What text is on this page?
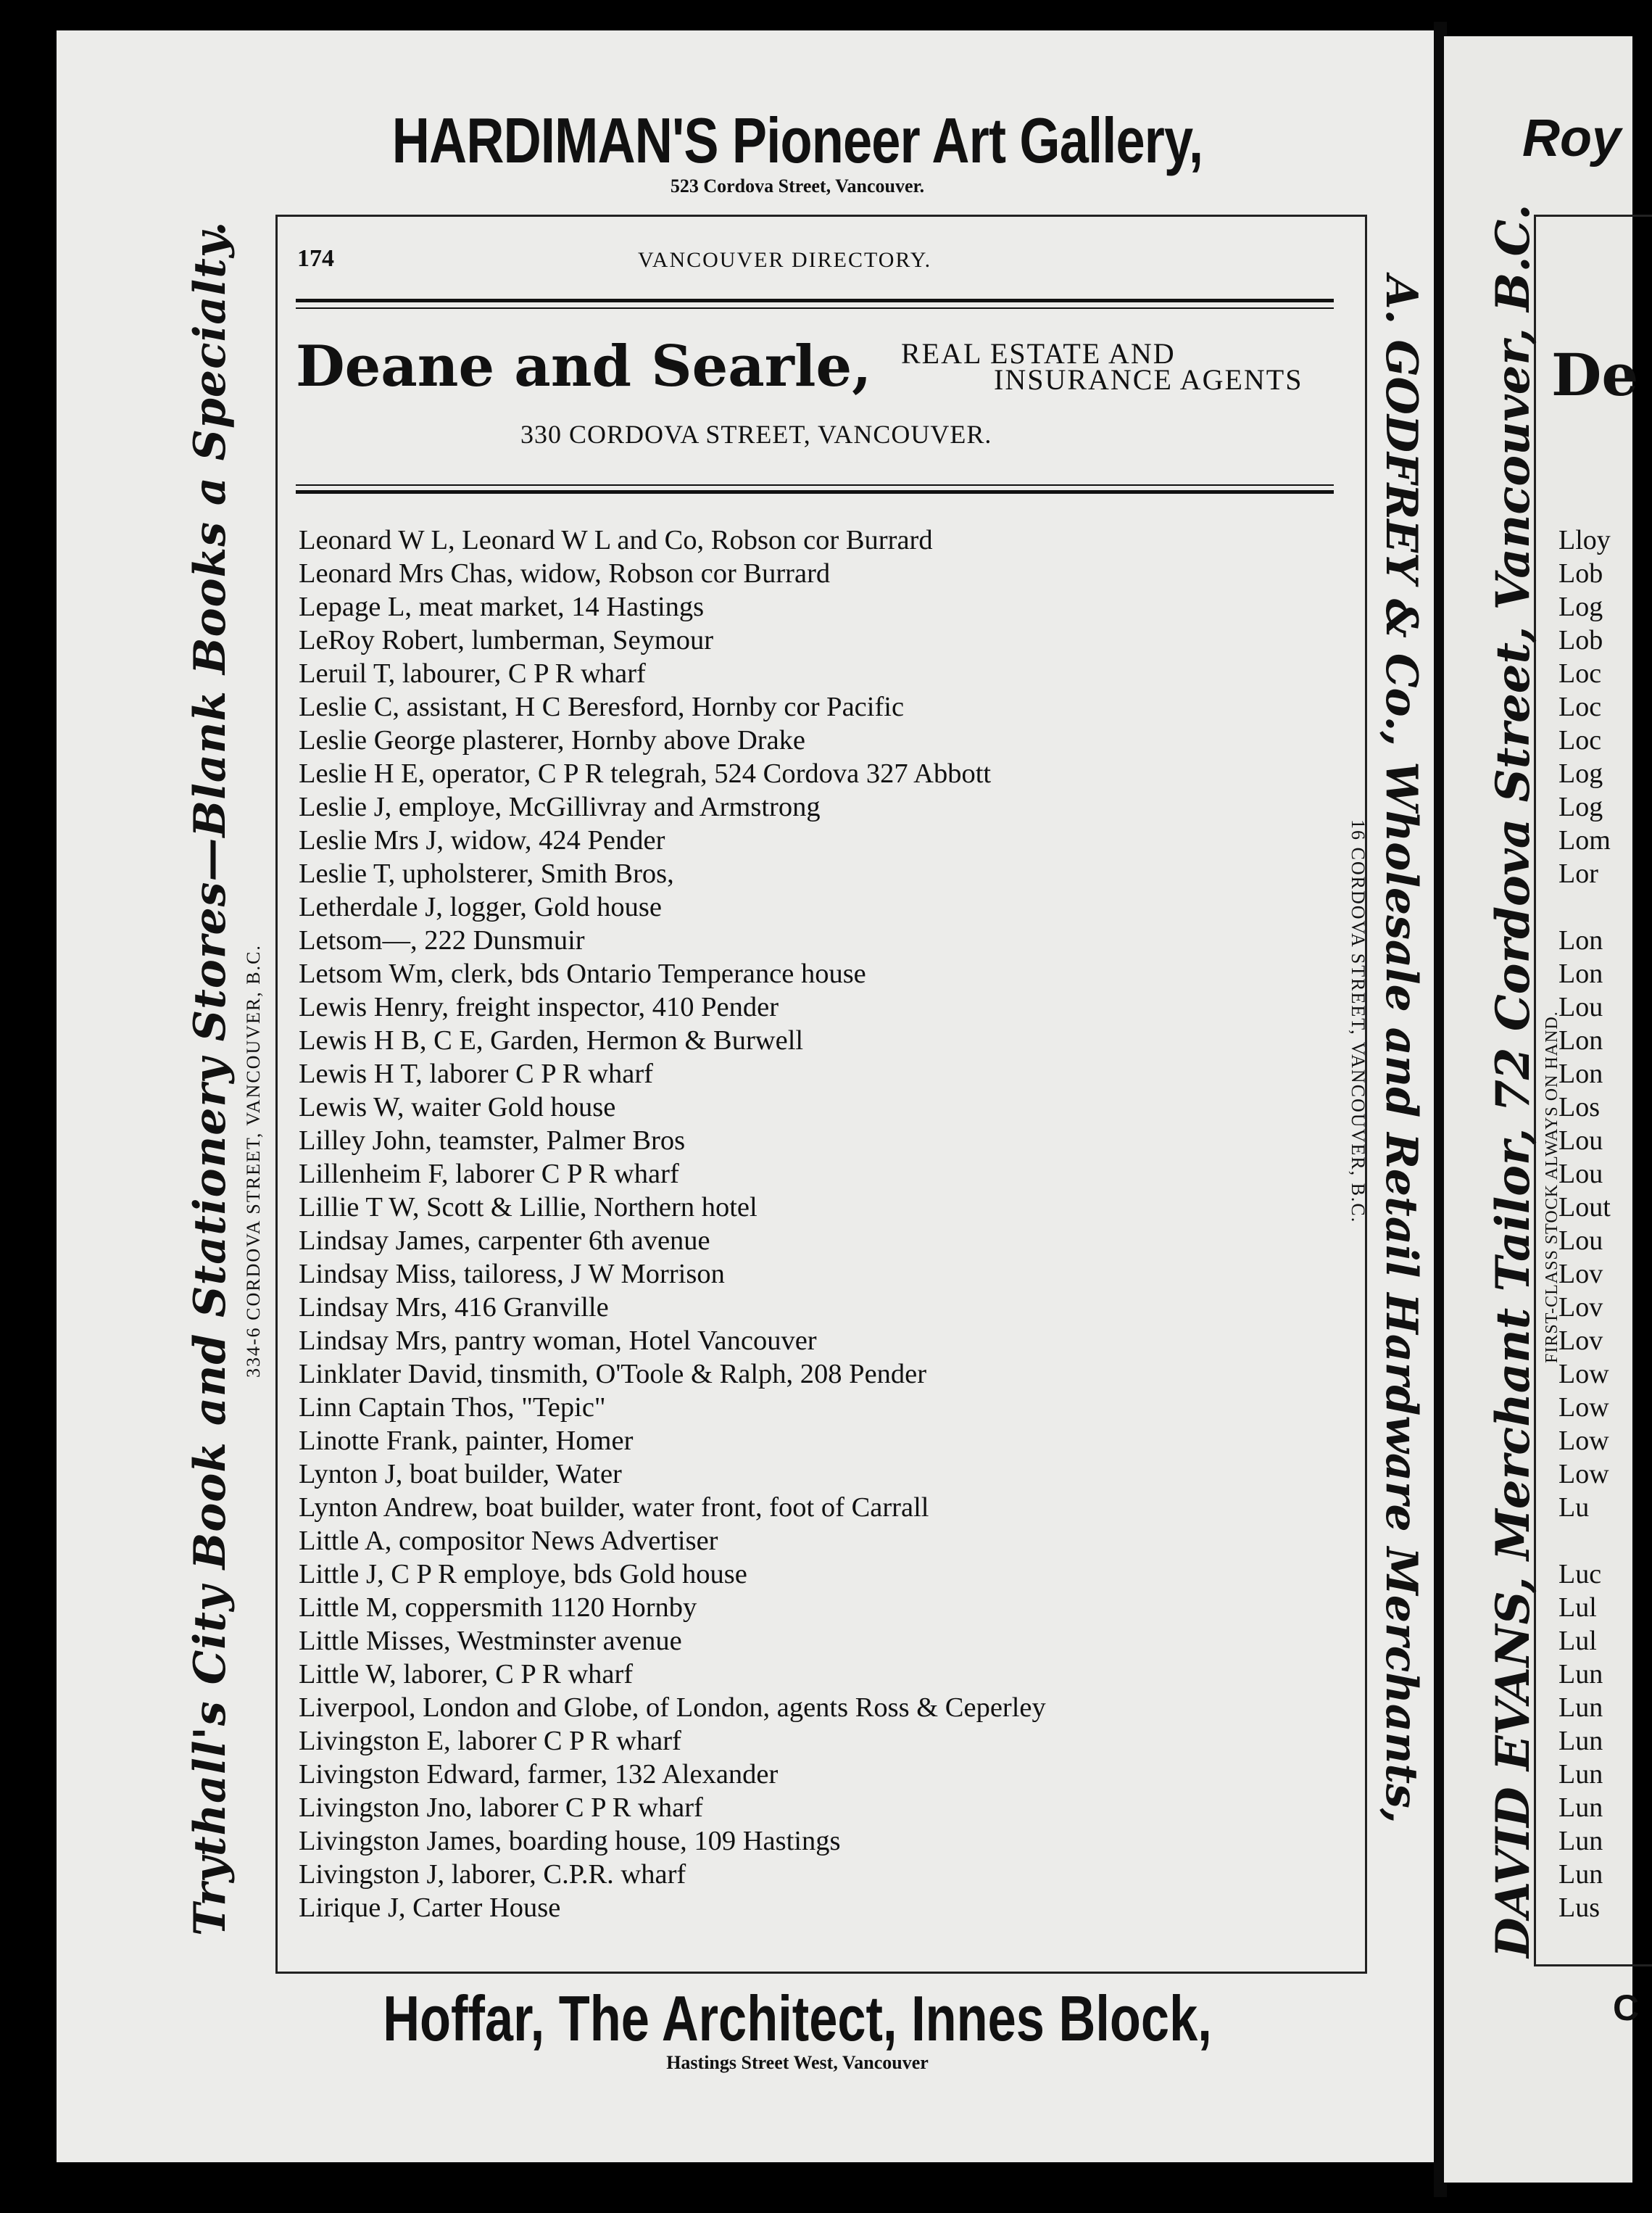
HARDIMAN'S Pioneer Art Gallery,
523 Cordova Street, Vancouver.
Trythall's City Book and Stationery Stores—Blank Books a Specialty. 334-6 CORDOVA STREET, VANCOUVER, B.C.	A. GODFREY & Co., Wholesale and Retail Hardware Merchants,
16 CORDOVA STREET, VANCOUVER, B.C.
174	VANCOUVER DIRECTORY.
Deane and Searle, REAL ESTATE AND
INSURANCE AGENTS
330 CORDOVA STREET, VANCOUVER.
Leonard W L, Leonard W L and Co, Robson cor Burrard
Leonard Mrs Chas, widow, Robson cor Burrard
Lepage L, meat market, 14 Hastings
LeRoy Robert, lumberman, Seymour
Leruil T, labourer, C P R wharf
Leslie C, assistant, H C Beresford, Hornby cor Pacific
Leslie George plasterer, Hornby above Drake
Leslie H E, operator, C P R telegrah, 524 Cordova 327 Abbott
Leslie J, employe, McGillivray and Armstrong
Leslie Mrs J, widow, 424 Pender
Leslie T, upholsterer, Smith Bros,
Letherdale J, logger, Gold house
Letsom—, 222 Dunsmuir
Letsom Wm, clerk, bds Ontario Temperance house
Lewis Henry, freight inspector, 410 Pender
Lewis H B, C E, Garden, Hermon & Burwell
Lewis H T, laborer C P R wharf
Lewis W, waiter Gold house
Lilley John, teamster, Palmer Bros
Lillenheim F, laborer C P R wharf
Lillie T W, Scott & Lillie, Northern hotel
Lindsay James, carpenter 6th avenue
Lindsay Miss, tailoress, J W Morrison
Lindsay Mrs, 416 Granville
Lindsay Mrs, pantry woman, Hotel Vancouver
Linklater David, tinsmith, O'Toole & Ralph, 208 Pender
Linn Captain Thos, "Tepic"
Linotte Frank, painter, Homer
Lynton J, boat builder, Water
Lynton Andrew, boat builder, water front, foot of Carrall
Little A, compositor News Advertiser
Little J, C P R employe, bds Gold house
Little M, coppersmith 1120 Hornby
Little Misses, Westminster avenue
Little W, laborer, C P R wharf
Liverpool, London and Globe, of London, agents Ross & Ceperley
Livingston E, laborer C P R wharf
Livingston Edward, farmer, 132 Alexander
Livingston Jno, laborer C P R wharf
Livingston James, boarding house, 109 Hastings
Livingston J, laborer, C.P.R. wharf
Lirique J, Carter House
Hoffar, The Architect, Innes Block,
Hastings Street West, Vancouver
Roy
De
Lloy
Lob
Log
Lob
Loc
Loc
Loc
Log
Log
Lom
Lor
Lon
Lon
Lou
Lon
Lon
Los
Lou
Lou
Lout
Lou
Lov
Lov
Lov
Low
Low
Low
Low
Lu
Luc
Lul
Lul
Lun
Lun
Lun
Lun
Lun
Lun
Lun
Lus
C
DAVID EVANS, Merchant Tailor, 72 Cordova Street, Vancouver, B.C. FIRST-CLASS STOCK ALWAYS ON HAND.
